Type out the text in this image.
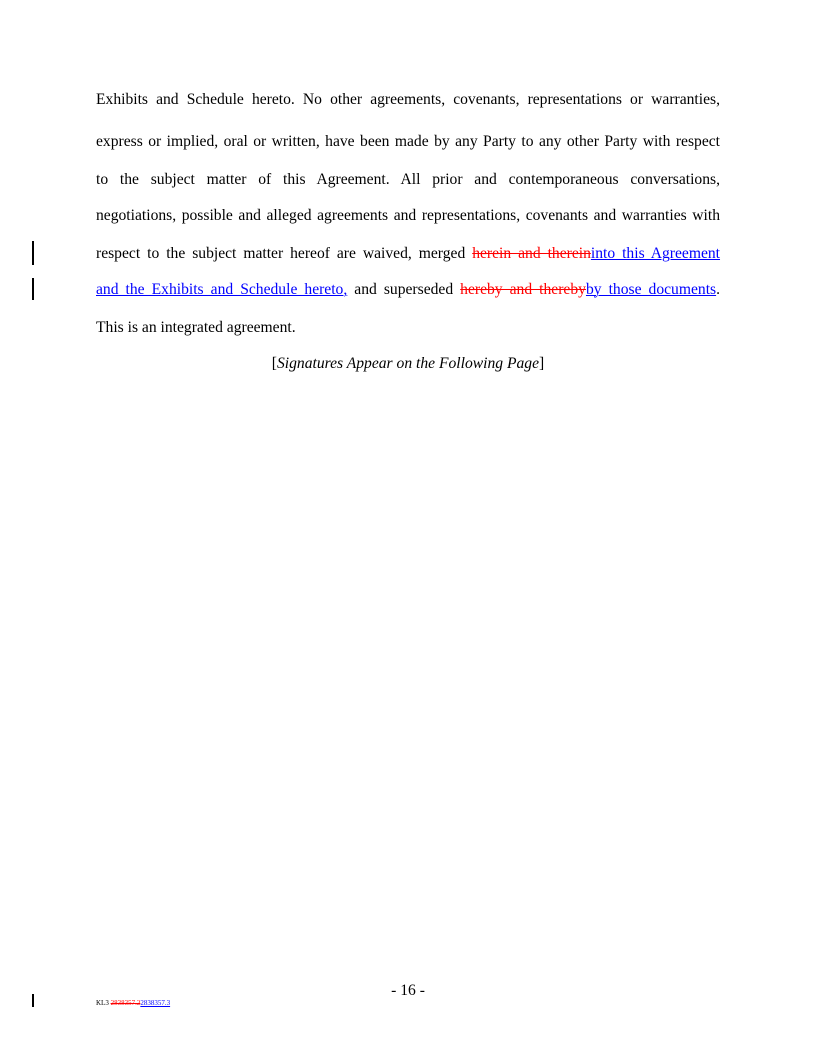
Exhibits and Schedule hereto. No other agreements, covenants, representations or warranties,
express or implied, oral or written, have been made by any Party to any other Party with respect
to the subject matter of this Agreement. All prior and contemporaneous conversations,
negotiations, possible and alleged agreements and representations, covenants and warranties with
respect to the subject matter hereof are waived, merged herein and thereininto this Agreement
and the Exhibits and Schedule hereto, and superseded hereby and therebyby those documents.
This is an integrated agreement.
[Signatures Appear on the Following Page]
- 16 -
KL3 2838357.22838357.3
